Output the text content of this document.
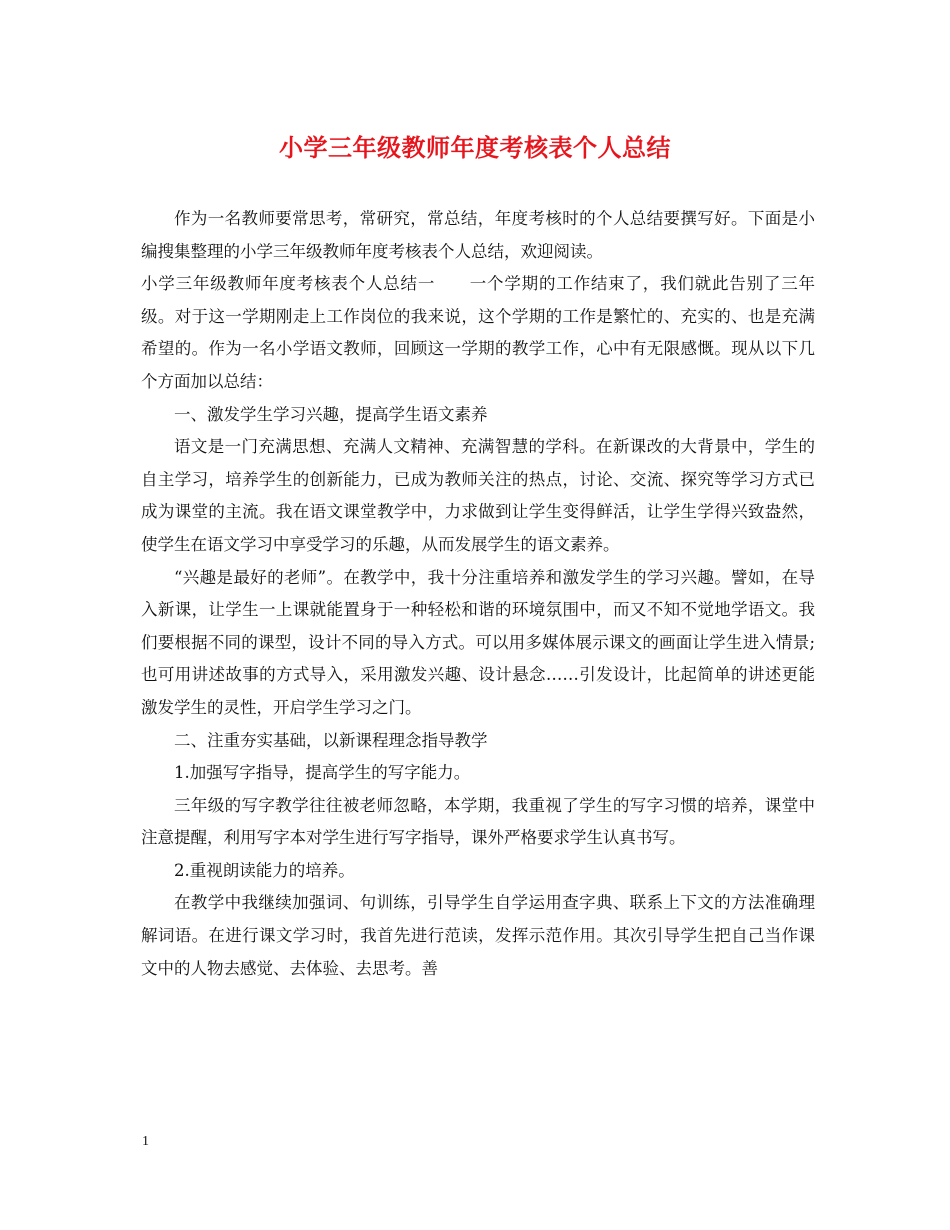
小学三年级教师年度考核表个人总结

作为一名教师要常思考，常研究，常总结，年度考核时的个人总结要撰写好。下面是小编搜集整理的小学三年级教师年度考核表个人总结，欢迎阅读。

小学三年级教师年度考核表个人总结一　　一个学期的工作结束了，我们就此告别了三年级。对于这一学期刚走上工作岗位的我来说，这个学期的工作是繁忙的、充实的、也是充满希望的。作为一名小学语文教师，回顾这一学期的教学工作，心中有无限感慨。现从以下几个方面加以总结：

一、激发学生学习兴趣，提高学生语文素养

语文是一门充满思想、充满人文精神、充满智慧的学科。在新课改的大背景中，学生的自主学习，培养学生的创新能力，已成为教师关注的热点，讨论、交流、探究等学习方式已成为课堂的主流。我在语文课堂教学中，力求做到让学生变得鲜活，让学生学得兴致盎然，使学生在语文学习中享受学习的乐趣，从而发展学生的语文素养。

“兴趣是最好的老师”。在教学中，我十分注重培养和激发学生的学习兴趣。譬如，在导入新课，让学生一上课就能置身于一种轻松和谐的环境氛围中，而又不知不觉地学语文。我们要根据不同的课型，设计不同的导入方式。可以用多媒体展示课文的画面让学生进入情景;也可用讲述故事的方式导入，采用激发兴趣、设计悬念……引发设计，比起简单的讲述更能激发学生的灵性，开启学生学习之门。

二、注重夯实基础，以新课程理念指导教学

1.加强写字指导，提高学生的写字能力。

三年级的写字教学往往被老师忽略，本学期，我重视了学生的写字习惯的培养，课堂中注意提醒，利用写字本对学生进行写字指导，课外严格要求学生认真书写。

2.重视朗读能力的培养。

在教学中我继续加强词、句训练，引导学生自学运用查字典、联系上下文的方法准确理解词语。在进行课文学习时，我首先进行范读，发挥示范作用。其次引导学生把自己当作课文中的人物去感觉、去体验、去思考。善

1
